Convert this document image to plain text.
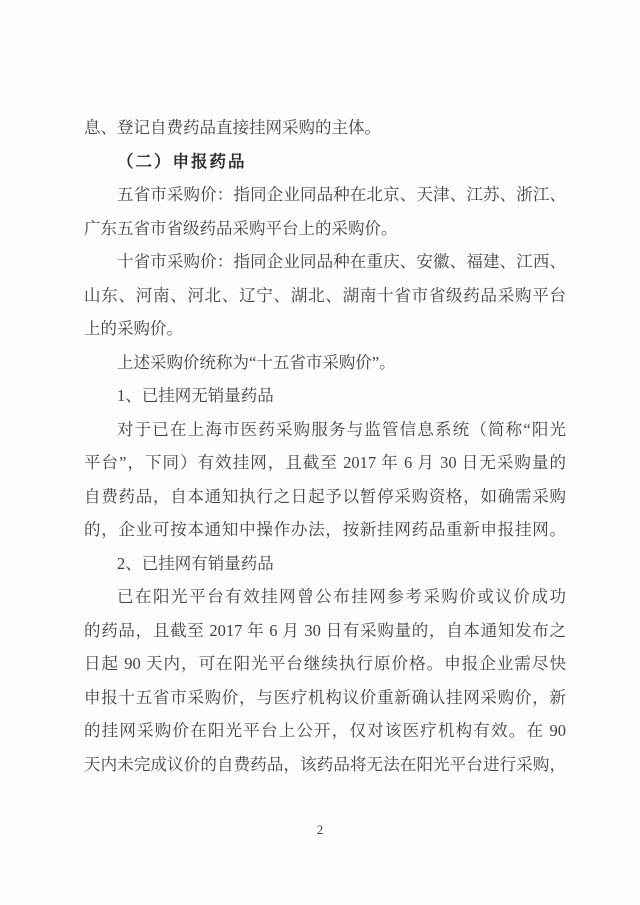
息、登记自费药品直接挂网采购的主体。
（二）申报药品
五省市采购价：指同企业同品种在北京、天津、江苏、浙江、
广东五省市省级药品采购平台上的采购价。
十省市采购价：指同企业同品种在重庆、安徽、福建、江西、
山东、河南、河北、辽宁、湖北、湖南十省市省级药品采购平台
上的采购价。
上述采购价统称为“十五省市采购价”。
1、已挂网无销量药品
对于已在上海市医药采购服务与监管信息系统（简称“阳光
平台”，下同）有效挂网，且截至 2017 年 6 月 30 日无采购量的
自费药品，自本通知执行之日起予以暂停采购资格，如确需采购
的，企业可按本通知中操作办法，按新挂网药品重新申报挂网。
2、已挂网有销量药品
已在阳光平台有效挂网曾公布挂网参考采购价或议价成功
的药品，且截至 2017 年 6 月 30 日有采购量的，自本通知发布之
日起 90 天内，可在阳光平台继续执行原价格。申报企业需尽快
申报十五省市采购价，与医疗机构议价重新确认挂网采购价，新
的挂网采购价在阳光平台上公开，仅对该医疗机构有效。在 90
天内未完成议价的自费药品，该药品将无法在阳光平台进行采购，
2
